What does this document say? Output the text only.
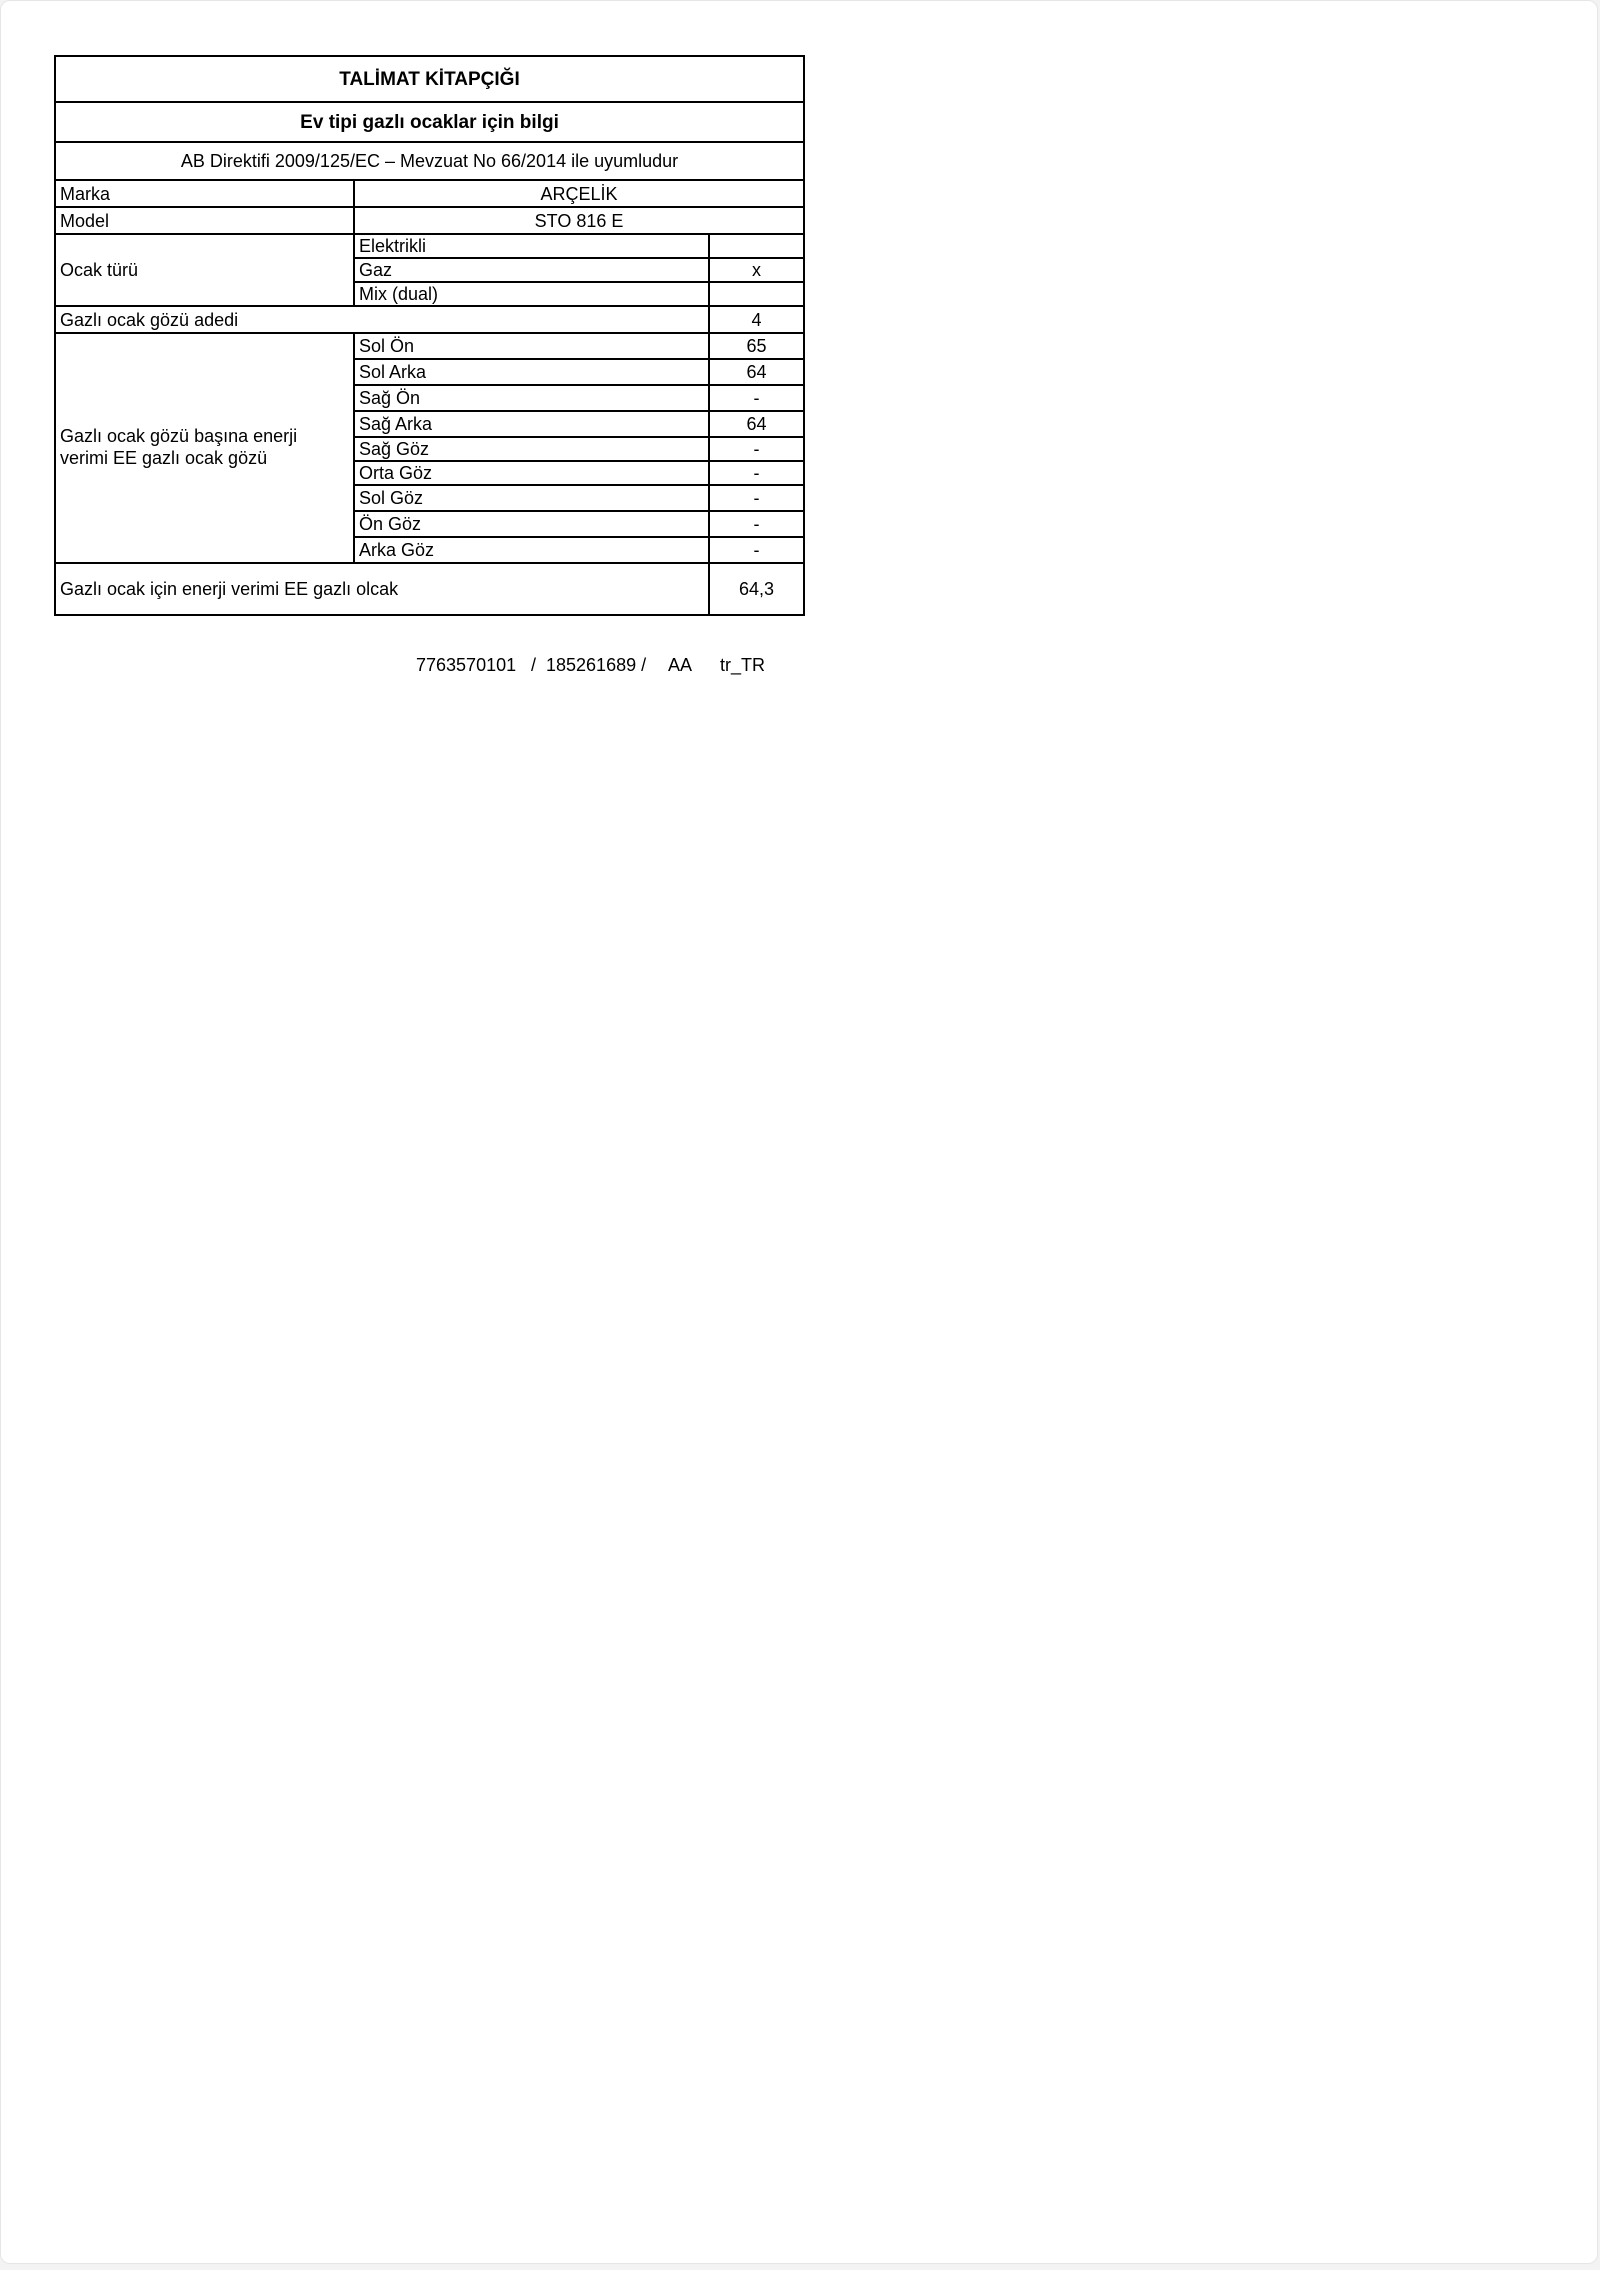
TALİMAT KİTAPÇIĞI		
Ev tipi gazlı ocaklar için bilgi		
AB Direktifi 2009/125/EC – Mevzuat No 66/2014 ile uyumludur		
Marka	ARÇELİK	
Model	STO 816 E	
Ocak türü	Elektrikli	
	Gaz	x
	Mix (dual)	
Gazlı ocak gözü adedi		4
Gazlı ocak gözü başına enerji verimi EE gazlı ocak gözü	Sol Ön	65
	Sol Arka	64
	Sağ Ön	-
	Sağ Arka	64
	Sağ Göz	-
	Orta Göz	-
	Sol Göz	-
	Ön Göz	-
	Arka Göz	-
Gazlı ocak için enerji verimi EE gazlı olcak		64,3
7763570101 / 185261689 / AA tr_TR
